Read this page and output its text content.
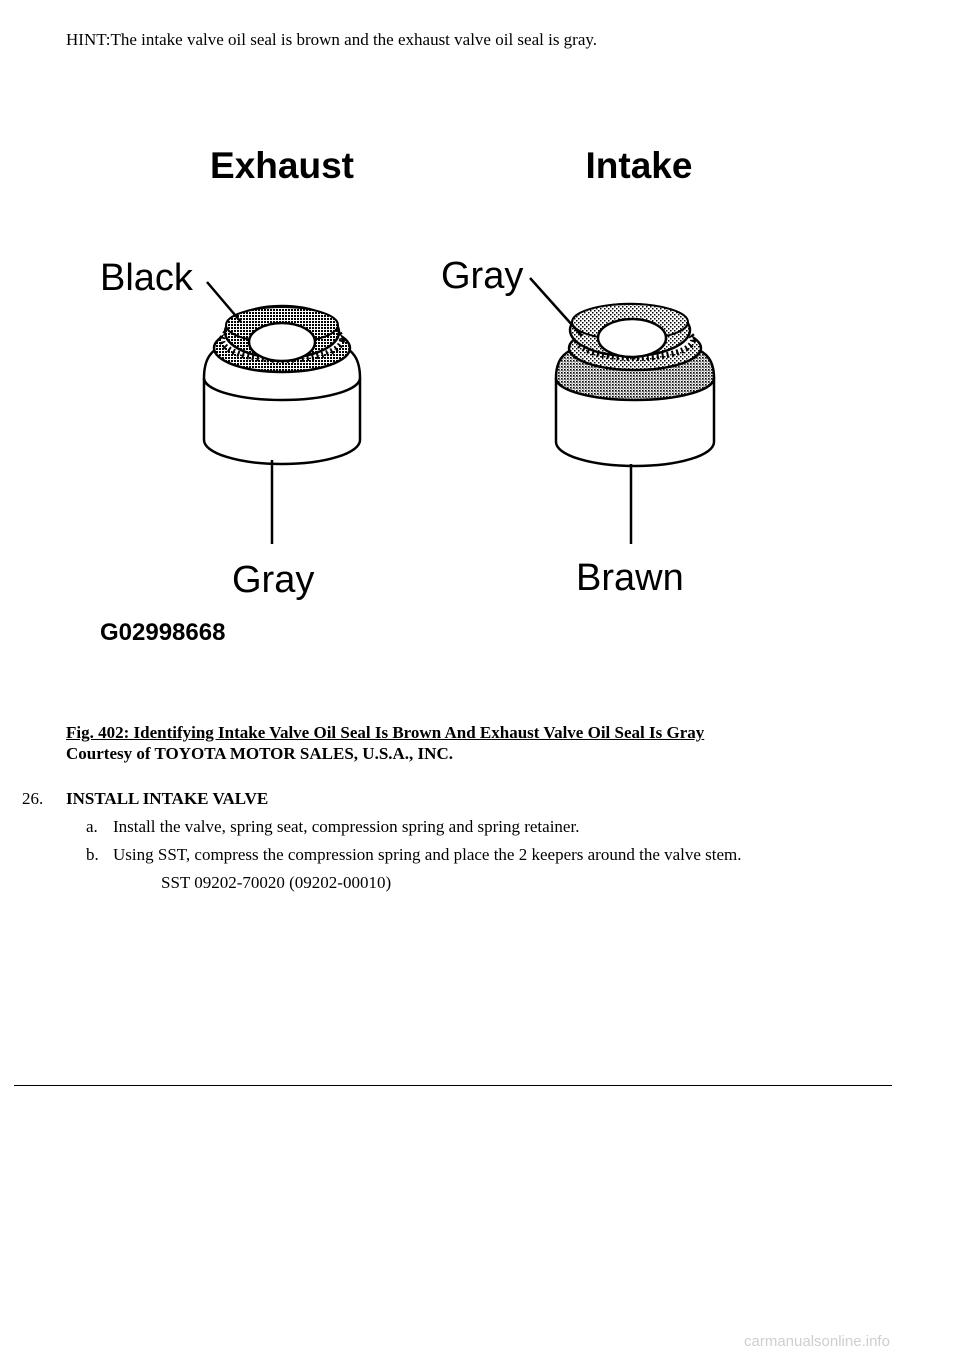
HINT:The intake valve oil seal is brown and the exhaust valve oil seal is gray.
Exhaust	Intake
Black
Gray
Gray
Brawn
G02998668
Fig. 402: Identifying Intake Valve Oil Seal Is Brown And Exhaust Valve Oil Seal Is Gray
Courtesy of TOYOTA MOTOR SALES, U.S.A., INC.
26. INSTALL INTAKE VALVE
a. Install the valve, spring seat, compression spring and spring retainer.
b. Using SST, compress the compression spring and place the 2 keepers around the valve stem.
SST 09202-70020 (09202-00010)
carmanualsonline.info
